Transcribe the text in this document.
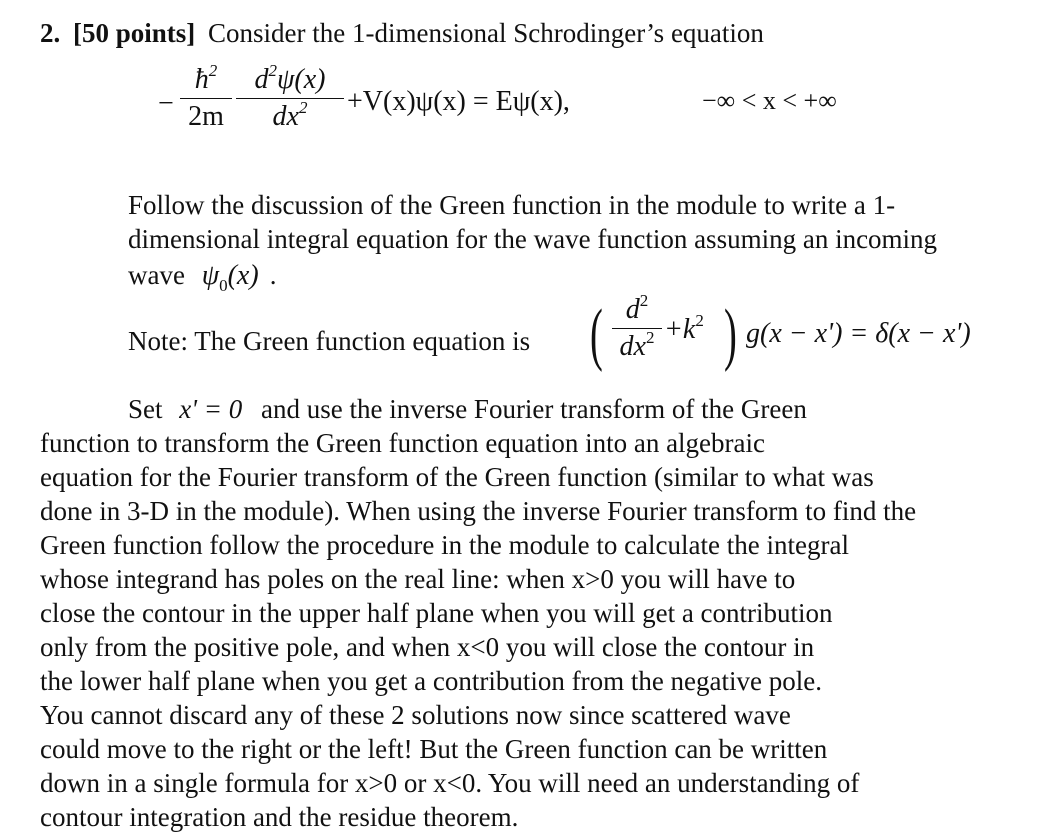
2. [50 points] Consider the 1-dimensional Schrodinger’s equation
−
$ħ^2$
2m
$d^2\psi(x)$
$dx^2$	+V(x)ψ(x) = Eψ(x),	−∞ < x < +∞
Follow the discussion of the Green function in the module to write a 1-
dimensional integral equation for the wave function assuming an incoming
wave $\psi_0(x)$ .
Note: The Green function equation is ( $d^2$
$dx^2 +k^2$ ) g(x − x') = δ(x − x')
Set x' = 0 and use the inverse Fourier transform of the Green
function to transform the Green function equation into an algebraic
equation for the Fourier transform of the Green function (similar to what was
done in 3-D in the module). When using the inverse Fourier transform to find the
Green function follow the procedure in the module to calculate the integral
whose integrand has poles on the real line: when x>0 you will have to
close the contour in the upper half plane when you will get a contribution
only from the positive pole, and when x<0 you will close the contour in
the lower half plane when you get a contribution from the negative pole.
You cannot discard any of these 2 solutions now since scattered wave
could move to the right or the left! But the Green function can be written
down in a single formula for x>0 or x<0. You will need an understanding of
contour integration and the residue theorem.
